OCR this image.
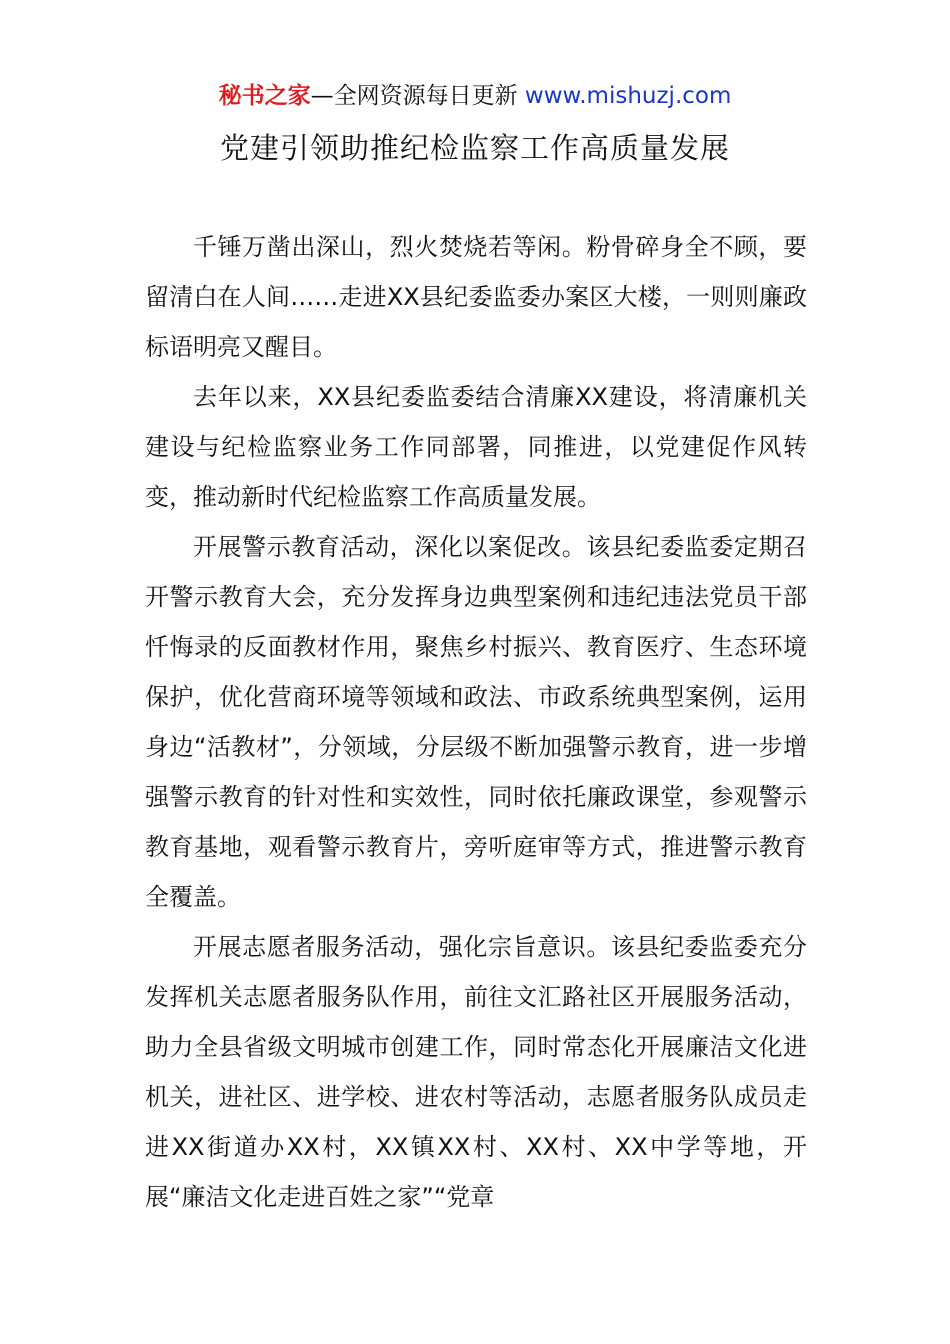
秘书之家—全网资源每日更新 www.mishuzj.com
党建引领助推纪检监察工作高质量发展

千锤万凿出深山，烈火焚烧若等闲。粉骨碎身全不顾，要留清白在人间……走进XX县纪委监委办案区大楼，一则则廉政标语明亮又醒目。

去年以来，XX县纪委监委结合清廉XX建设，将清廉机关建设与纪检监察业务工作同部署，同推进，以党建促作风转变，推动新时代纪检监察工作高质量发展。

开展警示教育活动，深化以案促改。该县纪委监委定期召开警示教育大会，充分发挥身边典型案例和违纪违法党员干部忏悔录的反面教材作用，聚焦乡村振兴、教育医疗、生态环境保护，优化营商环境等领域和政法、市政系统典型案例，运用身边“活教材”，分领域，分层级不断加强警示教育，进一步增强警示教育的针对性和实效性，同时依托廉政课堂，参观警示教育基地，观看警示教育片，旁听庭审等方式，推进警示教育全覆盖。

开展志愿者服务活动，强化宗旨意识。该县纪委监委充分发挥机关志愿者服务队作用，前往文汇路社区开展服务活动，助力全县省级文明城市创建工作，同时常态化开展廉洁文化进机关，进社区、进学校、进农村等活动，志愿者服务队成员走进XX街道办XX村，XX镇XX村、XX村、XX中学等地，开展“廉洁文化走进百姓之家”“党章
